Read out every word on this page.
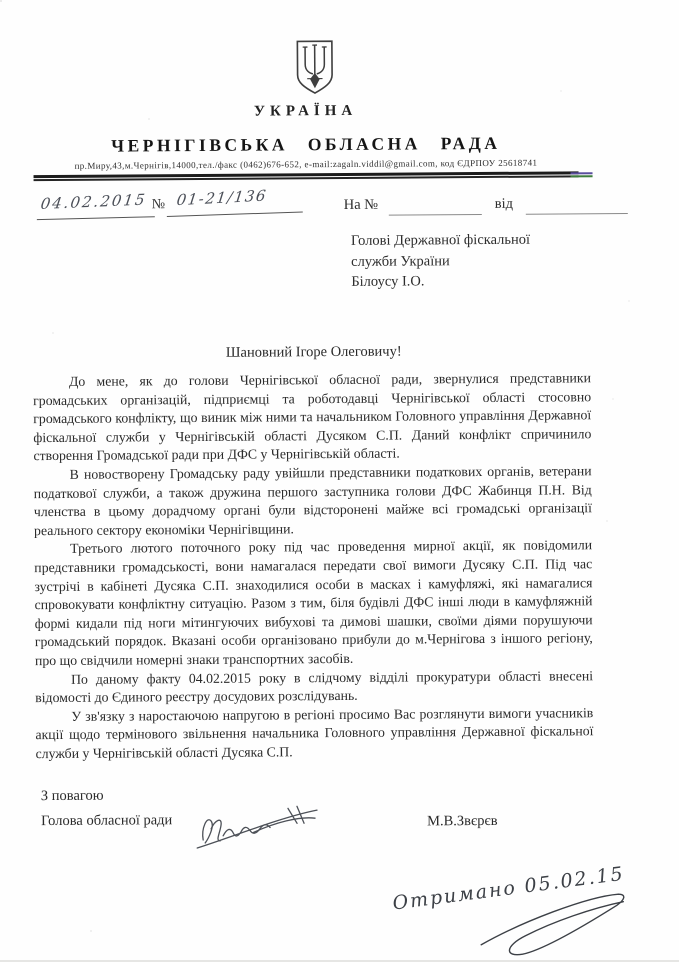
УКРАЇНА
ЧЕРНІГІВСЬКА ОБЛАСНА РАДА
пр.Миру,43,м.Чернігів,14000,тел./факс (0462)676-652, e-mail:zagaln.viddil@gmail.com, код ЄДРПОУ 25618741
04.02.2015 № 01-21/136	На №	від
Голові Державної фіскальної
служби України
Білоусу І.О.
Шановний Ігоре Олеговичу!

До мене, як до голови Чернігівської обласної ради, звернулися представники громадських організацій, підприємці та роботодавці Чернігівської області стосовно громадського конфлікту, що виник між ними та начальником Головного управління Державної фіскальної служби у Чернігівській області Дусяком С.П. Даний конфлікт спричинило створення Громадської ради при ДФС у Чернігівській області.

В новостворену Громадську раду увійшли представники податкових органів, ветерани податкової служби, а також дружина першого заступника голови ДФС Жабинця П.Н. Від членства в цьому дорадчому органі були відсторонені майже всі громадські організації реального сектору економіки Чернігівщини.

Третього лютого поточного року під час проведення мирної акції, як повідомили представники громадськості, вони намагалася передати свої вимоги Дусяку С.П. Під час зустрічі в кабінеті Дусяка С.П. знаходилися особи в масках і камуфляжі, які намагалися спровокувати конфліктну ситуацію. Разом з тим, біля будівлі ДФС інші люди в камуфляжній формі кидали під ноги мітингуючих вибухові та димові шашки, своїми діями порушуючи громадський порядок. Вказані особи організовано прибули до м.Чернігова з іншого регіону, про що свідчили номерні знаки транспортних засобів.

По даному факту 04.02.2015 року в слідчому відділі прокуратури області внесені відомості до Єдиного реєстру досудових розслідувань.

У зв'язку з наростаючою напругою в регіоні просимо Вас розглянути вимоги учасників акції щодо термінового звільнення начальника Головного управління Державної фіскальної служби у Чернігівській області Дусяка С.П.

З повагою
Голова обласної ради	М.В.Звєрєв
Отримано 05.02.15
